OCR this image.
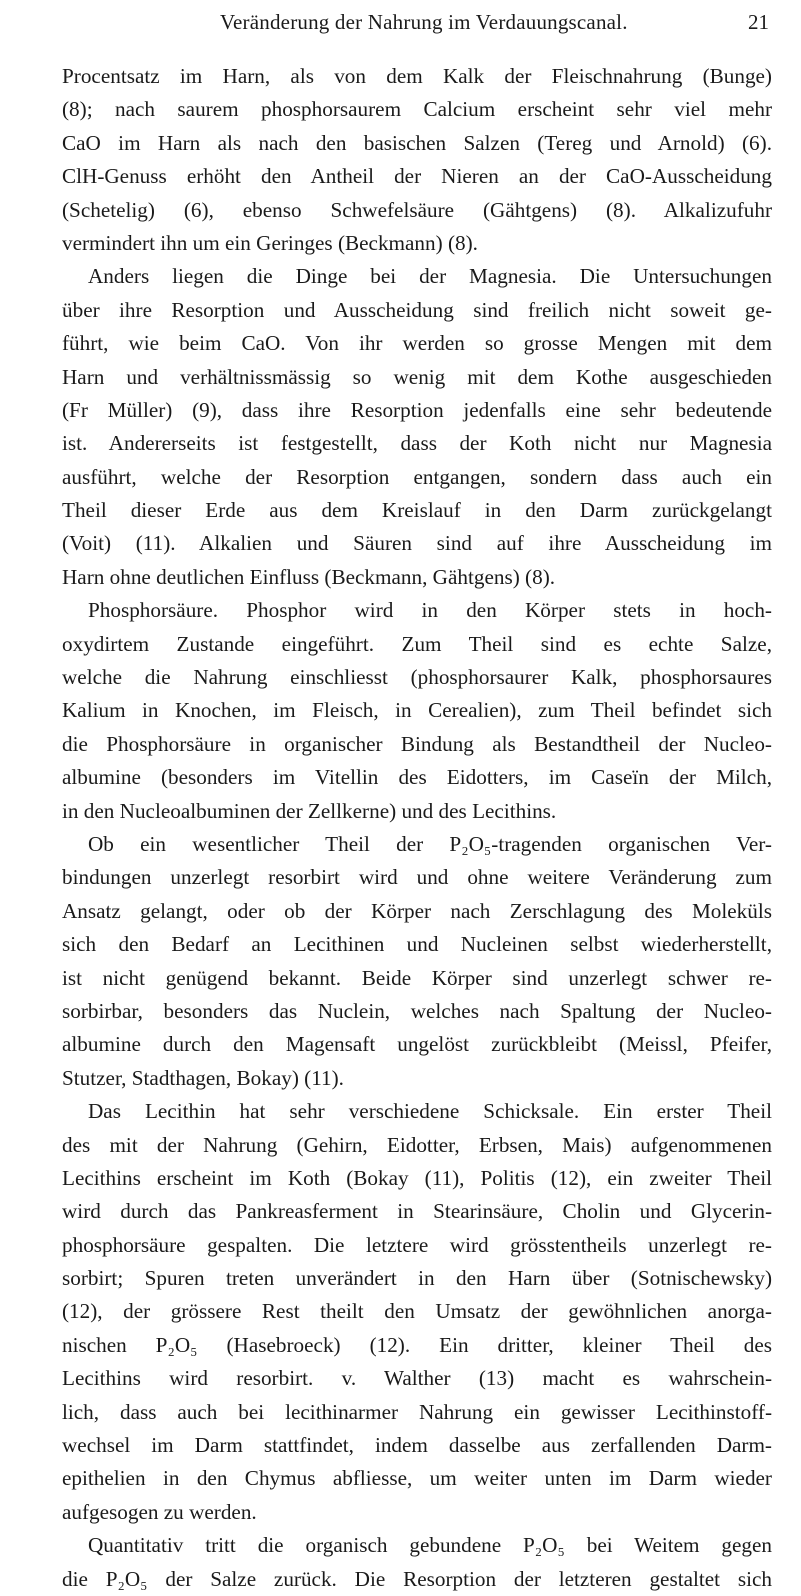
Veränderung der Nahrung im Verdauungscanal.	21
Procentsatz im Harn, als von dem Kalk der Fleischnahrung (Bunge)
(8); nach saurem phosphorsaurem Calcium erscheint sehr viel mehr
CaO im Harn als nach den basischen Salzen (Tereg und Arnold) (6).
ClH-Genuss erhöht den Antheil der Nieren an der CaO-Ausscheidung
(Schetelig) (6), ebenso Schwefelsäure (Gähtgens) (8). Alkalizufuhr
vermindert ihn um ein Geringes (Beckmann) (8).
Anders liegen die Dinge bei der Magnesia. Die Untersuchungen
über ihre Resorption und Ausscheidung sind freilich nicht soweit ge-
führt, wie beim CaO. Von ihr werden so grosse Mengen mit dem
Harn und verhältnissmässig so wenig mit dem Kothe ausgeschieden
(Fr Müller) (9), dass ihre Resorption jedenfalls eine sehr bedeutende
ist. Andererseits ist festgestellt, dass der Koth nicht nur Magnesia
ausführt, welche der Resorption entgangen, sondern dass auch ein
Theil dieser Erde aus dem Kreislauf in den Darm zurückgelangt
(Voit) (11). Alkalien und Säuren sind auf ihre Ausscheidung im
Harn ohne deutlichen Einfluss (Beckmann, Gähtgens) (8).
Phosphorsäure. Phosphor wird in den Körper stets in hoch-
oxydirtem Zustande eingeführt. Zum Theil sind es echte Salze,
welche die Nahrung einschliesst (phosphorsaurer Kalk, phosphorsaures
Kalium in Knochen, im Fleisch, in Cerealien), zum Theil befindet sich
die Phosphorsäure in organischer Bindung als Bestandtheil der Nucleo-
albumine (besonders im Vitellin des Eidotters, im Caseïn der Milch,
in den Nucleoalbuminen der Zellkerne) und des Lecithins.
Ob ein wesentlicher Theil der P₂O₅-tragenden organischen Ver-
bindungen unzerlegt resorbirt wird und ohne weitere Veränderung zum
Ansatz gelangt, oder ob der Körper nach Zerschlagung des Moleküls
sich den Bedarf an Lecithinen und Nucleinen selbst wiederherstellt,
ist nicht genügend bekannt. Beide Körper sind unzerlegt schwer re-
sorbirbar, besonders das Nuclein, welches nach Spaltung der Nucleo-
albumine durch den Magensaft ungelöst zurückbleibt (Meissl, Pfeifer,
Stutzer, Stadthagen, Bokay) (11).
Das Lecithin hat sehr verschiedene Schicksale. Ein erster Theil
des mit der Nahrung (Gehirn, Eidotter, Erbsen, Mais) aufgenommenen
Lecithins erscheint im Koth (Bokay (11), Politis (12), ein zweiter Theil
wird durch das Pankreasferment in Stearinsäure, Cholin und Glycerin-
phosphorsäure gespalten. Die letztere wird grösstentheils unzerlegt re-
sorbirt; Spuren treten unverändert in den Harn über (Sotnischewsky)
(12), der grössere Rest theilt den Umsatz der gewöhnlichen anorga-
nischen P₂O₅ (Hasebroeck) (12). Ein dritter, kleiner Theil des
Lecithins wird resorbirt. v. Walther (13) macht es wahrschein-
lich, dass auch bei lecithinarmer Nahrung ein gewisser Lecithinstoff-
wechsel im Darm stattfindet, indem dasselbe aus zerfallenden Darm-
epithelien in den Chymus abfliesse, um weiter unten im Darm wieder
aufgesogen zu werden.
Quantitativ tritt die organisch gebundene P₂O₅ bei Weitem gegen
die P₂O₅ der Salze zurück. Die Resorption der letzteren gestaltet sich
